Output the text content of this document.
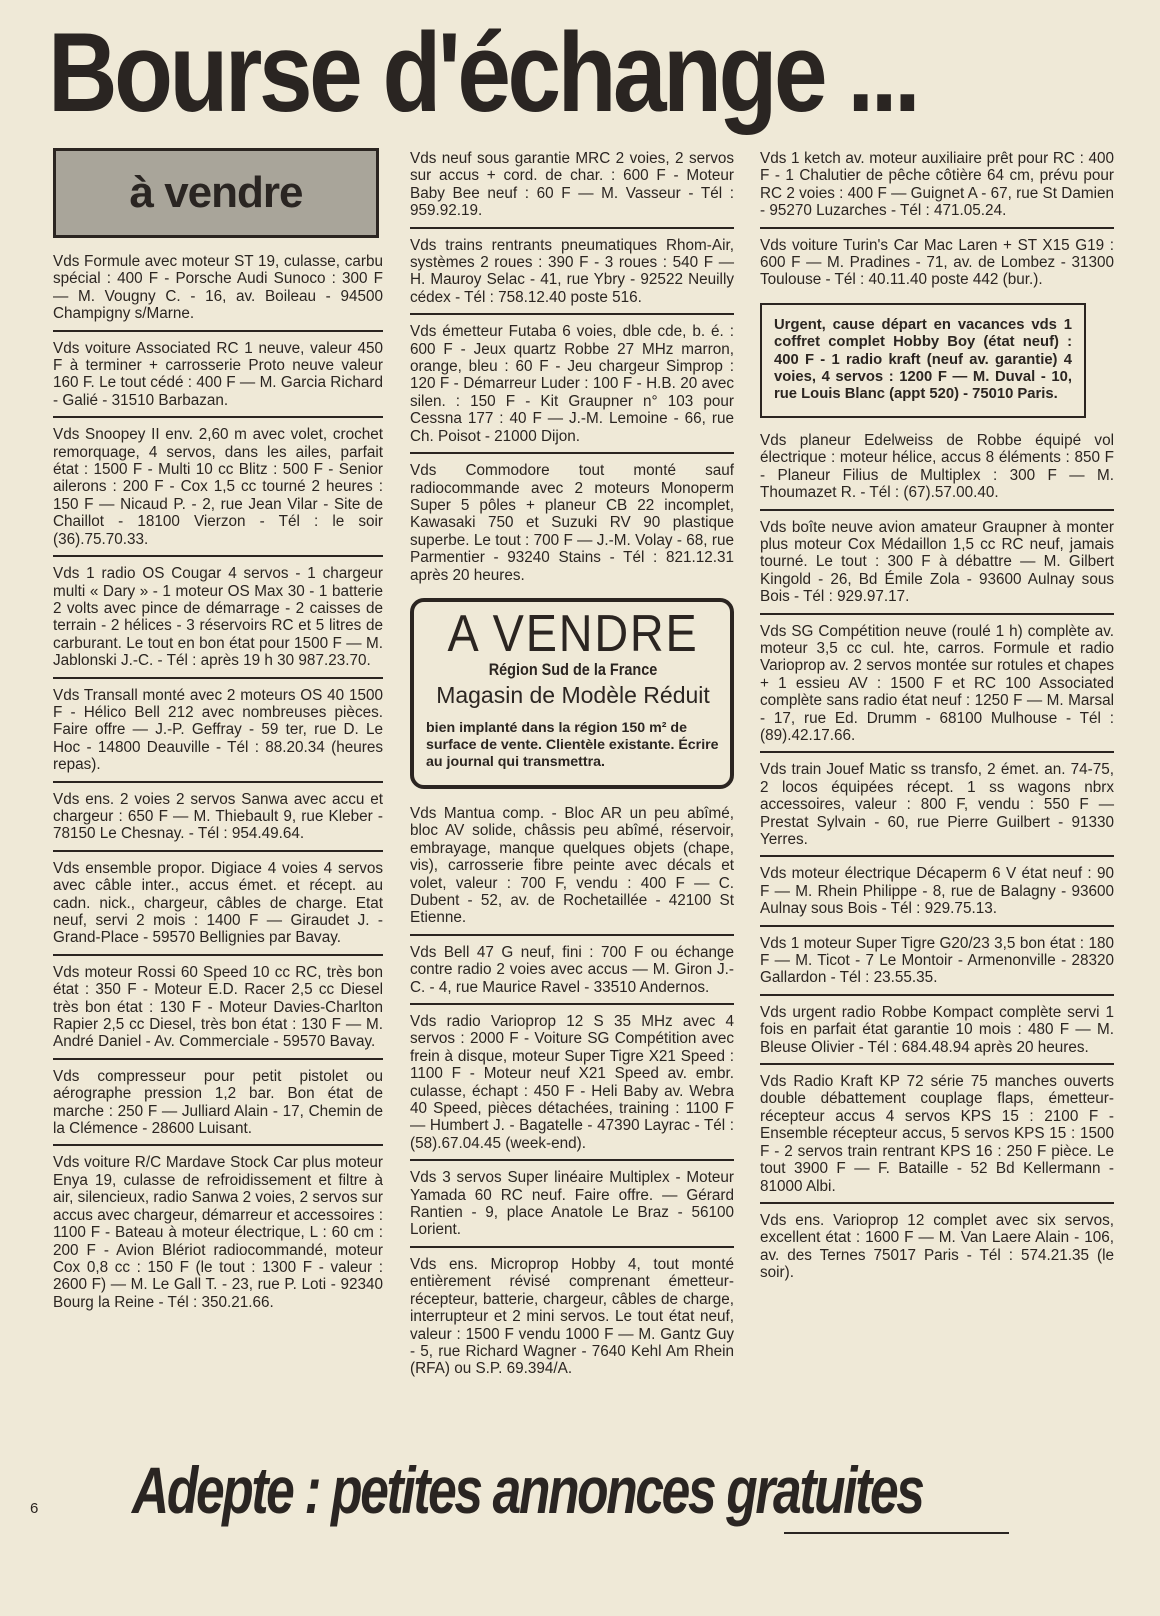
Bourse d'échange ...
à vendre
Vds Formule avec moteur ST 19, culasse, carbu spécial : 400 F - Porsche Audi Sunoco : 300 F — M. Vougny C. - 16, av. Boileau - 94500 Champigny s/Marne.
Vds voiture Associated RC 1 neuve, valeur 450 F à terminer + carrosserie Proto neuve valeur 160 F. Le tout cédé : 400 F — M. Garcia Richard - Galié - 31510 Barbazan.
Vds Snoopey II env. 2,60 m avec volet, crochet remorquage, 4 servos, dans les ailes, parfait état : 1500 F - Multi 10 cc Blitz : 500 F - Senior ailerons : 200 F - Cox 1,5 cc tourné 2 heures : 150 F — Nicaud P. - 2, rue Jean Vilar - Site de Chaillot - 18100 Vierzon - Tél : le soir (36).75.70.33.
Vds 1 radio OS Cougar 4 servos - 1 chargeur multi « Dary » - 1 moteur OS Max 30 - 1 batterie 2 volts avec pince de démarrage - 2 caisses de terrain - 2 hélices - 3 réservoirs RC et 5 litres de carburant. Le tout en bon état pour 1500 F — M. Jablonski J.-C. - Tél : après 19 h 30 987.23.70.
Vds Transall monté avec 2 moteurs OS 40 1500 F - Hélico Bell 212 avec nombreuses pièces. Faire offre — J.-P. Geffray - 59 ter, rue D. Le Hoc - 14800 Deauville - Tél : 88.20.34 (heures repas).
Vds ens. 2 voies 2 servos Sanwa avec accu et chargeur : 650 F — M. Thiebault 9, rue Kleber - 78150 Le Chesnay. - Tél : 954.49.64.
Vds ensemble propor. Digiace 4 voies 4 servos avec câble inter., accus émet. et récept. au cadn. nick., chargeur, câbles de charge. Etat neuf, servi 2 mois : 1400 F — Giraudet J. - Grand-Place - 59570 Bellignies par Bavay.
Vds moteur Rossi 60 Speed 10 cc RC, très bon état : 350 F - Moteur E.D. Racer 2,5 cc Diesel très bon état : 130 F - Moteur Davies-Charlton Rapier 2,5 cc Diesel, très bon état : 130 F — M. André Daniel - Av. Commerciale - 59570 Bavay.
Vds compresseur pour petit pistolet ou aérographe pression 1,2 bar. Bon état de marche : 250 F — Julliard Alain - 17, Chemin de la Clémence - 28600 Luisant.
Vds voiture R/C Mardave Stock Car plus moteur Enya 19, culasse de refroidissement et filtre à air, silencieux, radio Sanwa 2 voies, 2 servos sur accus avec chargeur, démarreur et accessoires : 1100 F - Bateau à moteur électrique, L : 60 cm : 200 F - Avion Blériot radiocommandé, moteur Cox 0,8 cc : 150 F (le tout : 1300 F - valeur : 2600 F) — M. Le Gall T. - 23, rue P. Loti - 92340 Bourg la Reine - Tél : 350.21.66.
Vds neuf sous garantie MRC 2 voies, 2 servos sur accus + cord. de char. : 600 F - Moteur Baby Bee neuf : 60 F — M. Vasseur - Tél : 959.92.19.
Vds trains rentrants pneumatiques Rhom-Air, systèmes 2 roues : 390 F - 3 roues : 540 F — H. Mauroy Selac - 41, rue Ybry - 92522 Neuilly cédex - Tél : 758.12.40 poste 516.
Vds émetteur Futaba 6 voies, dble cde, b. é. : 600 F - Jeux quartz Robbe 27 MHz marron, orange, bleu : 60 F - Jeu chargeur Simprop : 120 F - Démarreur Luder : 100 F - H.B. 20 avec silen. : 150 F - Kit Graupner n° 103 pour Cessna 177 : 40 F — J.-M. Lemoine - 66, rue Ch. Poisot - 21000 Dijon.
Vds Commodore tout monté sauf radiocommande avec 2 moteurs Monoperm Super 5 pôles + planeur CB 22 incomplet, Kawasaki 750 et Suzuki RV 90 plastique superbe. Le tout : 700 F — J.-M. Volay - 68, rue Parmentier - 93240 Stains - Tél : 821.12.31 après 20 heures.
A VENDRE
Région Sud de la France
Magasin de Modèle Réduit
bien implanté dans la région 150 m² de surface de vente. Clientèle existante. Écrire au journal qui transmettra.
Vds Mantua comp. - Bloc AR un peu abîmé, bloc AV solide, châssis peu abîmé, réservoir, embrayage, manque quelques objets (chape, vis), carrosserie fibre peinte avec décals et volet, valeur : 700 F, vendu : 400 F — C. Dubent - 52, av. de Rochetaillée - 42100 St Etienne.
Vds Bell 47 G neuf, fini : 700 F ou échange contre radio 2 voies avec accus — M. Giron J.-C. - 4, rue Maurice Ravel - 33510 Andernos.
Vds radio Varioprop 12 S 35 MHz avec 4 servos : 2000 F - Voiture SG Compétition avec frein à disque, moteur Super Tigre X21 Speed : 1100 F - Moteur neuf X21 Speed av. embr. culasse, échapt : 450 F - Heli Baby av. Webra 40 Speed, pièces détachées, training : 1100 F — Humbert J. - Bagatelle - 47390 Layrac - Tél : (58).67.04.45 (week-end).
Vds 3 servos Super linéaire Multiplex - Moteur Yamada 60 RC neuf. Faire offre. — Gérard Rantien - 9, place Anatole Le Braz - 56100 Lorient.
Vds ens. Microprop Hobby 4, tout monté entièrement révisé comprenant émetteur-récepteur, batterie, chargeur, câbles de charge, interrupteur et 2 mini servos. Le tout état neuf, valeur : 1500 F vendu 1000 F — M. Gantz Guy - 5, rue Richard Wagner - 7640 Kehl Am Rhein (RFA) ou S.P. 69.394/A.
Vds 1 ketch av. moteur auxiliaire prêt pour RC : 400 F - 1 Chalutier de pêche côtière 64 cm, prévu pour RC 2 voies : 400 F — Guignet A - 67, rue St Damien - 95270 Luzarches - Tél : 471.05.24.
Vds voiture Turin's Car Mac Laren + ST X15 G19 : 600 F — M. Pradines - 71, av. de Lombez - 31300 Toulouse - Tél : 40.11.40 poste 442 (bur.).
Urgent, cause départ en vacances vds 1 coffret complet Hobby Boy (état neuf) : 400 F - 1 radio kraft (neuf av. garantie) 4 voies, 4 servos : 1200 F — M. Duval - 10, rue Louis Blanc (appt 520) - 75010 Paris.
Vds planeur Edelweiss de Robbe équipé vol électrique : moteur hélice, accus 8 éléments : 850 F - Planeur Filius de Multiplex : 300 F — M. Thoumazet R. - Tél : (67).57.00.40.
Vds boîte neuve avion amateur Graupner à monter plus moteur Cox Médaillon 1,5 cc RC neuf, jamais tourné. Le tout : 300 F à débattre — M. Gilbert Kingold - 26, Bd Émile Zola - 93600 Aulnay sous Bois - Tél : 929.97.17.
Vds SG Compétition neuve (roulé 1 h) complète av. moteur 3,5 cc cul. hte, carros. Formule et radio Varioprop av. 2 servos montée sur rotules et chapes + 1 essieu AV : 1500 F et RC 100 Associated complète sans radio état neuf : 1250 F — M. Marsal - 17, rue Ed. Drumm - 68100 Mulhouse - Tél : (89).42.17.66.
Vds train Jouef Matic ss transfo, 2 émet. an. 74-75, 2 locos équipées récept. 1 ss wagons nbrx accessoires, valeur : 800 F, vendu : 550 F — Prestat Sylvain - 60, rue Pierre Guilbert - 91330 Yerres.
Vds moteur électrique Décaperm 6 V état neuf : 90 F — M. Rhein Philippe - 8, rue de Balagny - 93600 Aulnay sous Bois - Tél : 929.75.13.
Vds 1 moteur Super Tigre G20/23 3,5 bon état : 180 F — M. Ticot - 7 Le Montoir - Armenonville - 28320 Gallardon - Tél : 23.55.35.
Vds urgent radio Robbe Kompact complète servi 1 fois en parfait état garantie 10 mois : 480 F — M. Bleuse Olivier - Tél : 684.48.94 après 20 heures.
Vds Radio Kraft KP 72 série 75 manches ouverts double débattement couplage flaps, émetteur-récepteur accus 4 servos KPS 15 : 2100 F - Ensemble récepteur accus, 5 servos KPS 15 : 1500 F - 2 servos train rentrant KPS 16 : 250 F pièce. Le tout 3900 F — F. Bataille - 52 Bd Kellermann - 81000 Albi.
Vds ens. Varioprop 12 complet avec six servos, excellent état : 1600 F — M. Van Laere Alain - 106, av. des Ternes 75017 Paris - Tél : 574.21.35 (le soir).
Adepte : petites annonces gratuites
6
